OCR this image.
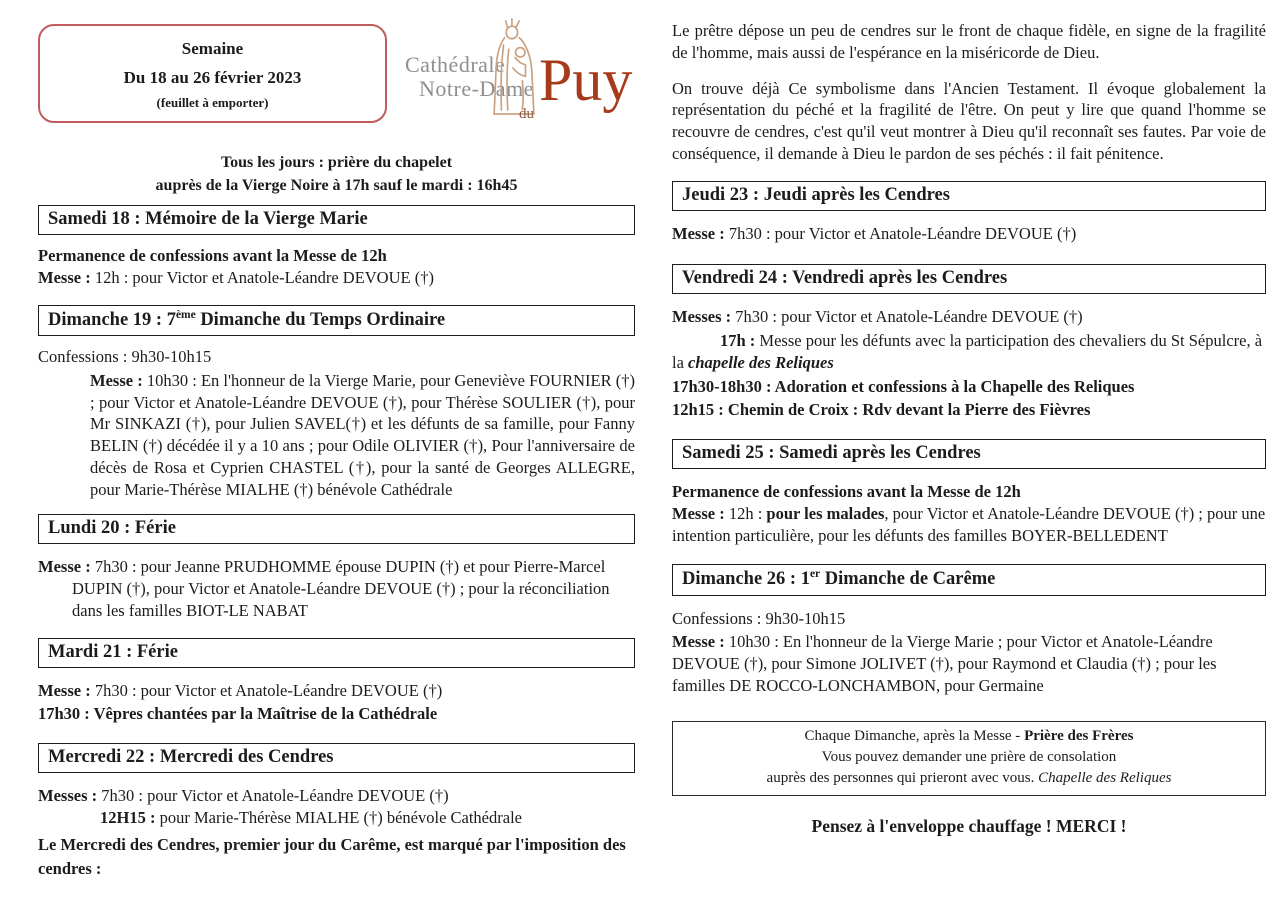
Semaine
Du 18 au 26 février 2023
(feuillet à emporter)
Cathédrale
Notre-Dame
du
Puy
Tous les jours : prière du chapelet
auprès de la Vierge Noire à 17h sauf le mardi : 16h45
Samedi 18 : Mémoire de la Vierge Marie

Permanence de confessions avant la Messe de 12h

Messe : 12h : pour Victor et Anatole-Léandre DEVOUE (†)

Dimanche 19 : 7ème Dimanche du Temps Ordinaire

Confessions : 9h30-10h15

Messe : 10h30 : En l'honneur de la Vierge Marie, pour Geneviève FOURNIER (†) ; pour Victor et Anatole-Léandre DEVOUE (†), pour Thérèse SOULIER (†), pour Mr SINKAZI (†), pour Julien SAVEL(†) et les défunts de sa famille, pour Fanny BELIN (†) décédée il y a 10 ans ; pour Odile OLIVIER (†), Pour l'anniversaire de décès de Rosa et Cyprien CHASTEL (†), pour la santé de Georges ALLEGRE, pour Marie-Thérèse MIALHE (†) bénévole Cathédrale

Lundi 20 : Férie

Messe : 7h30 : pour Jeanne PRUDHOMME épouse DUPIN (†) et pour Pierre-Marcel DUPIN (†), pour Victor et Anatole-Léandre DEVOUE (†) ; pour la réconciliation dans les familles BIOT-LE NABAT

Mardi 21 : Férie

Messe : 7h30 : pour Victor et Anatole-Léandre DEVOUE (†)

17h30 : Vêpres chantées par la Maîtrise de la Cathédrale

Mercredi 22 : Mercredi des Cendres

Messes : 7h30 : pour Victor et Anatole-Léandre DEVOUE (†)

12H15 : pour Marie-Thérèse MIALHE (†) bénévole Cathédrale

Le Mercredi des Cendres, premier jour du Carême, est marqué par l'imposition des cendres :

Le prêtre dépose un peu de cendres sur le front de chaque fidèle, en signe de la fragilité de l'homme, mais aussi de l'espérance en la miséricorde de Dieu.

On trouve déjà Ce symbolisme dans l'Ancien Testament. Il évoque globalement la représentation du péché et la fragilité de l'être. On peut y lire que quand l'homme se recouvre de cendres, c'est qu'il veut montrer à Dieu qu'il reconnaît ses fautes. Par voie de conséquence, il demande à Dieu le pardon de ses péchés : il fait pénitence.

Jeudi 23 : Jeudi après les Cendres

Messe : 7h30 : pour Victor et Anatole-Léandre DEVOUE (†)

Vendredi 24 : Vendredi après les Cendres

Messes : 7h30 : pour Victor et Anatole-Léandre DEVOUE (†)

17h : Messe pour les défunts avec la participation des chevaliers du St Sépulcre, à la chapelle des Reliques

17h30-18h30 : Adoration et confessions à la Chapelle des Reliques

12h15 : Chemin de Croix : Rdv devant la Pierre des Fièvres

Samedi 25 : Samedi après les Cendres

Permanence de confessions avant la Messe de 12h

Messe : 12h : pour les malades, pour Victor et Anatole-Léandre DEVOUE (†) ; pour une intention particulière, pour les défunts des familles BOYER-BELLEDENT

Dimanche 26 : 1er Dimanche de Carême

Confessions : 9h30-10h15

Messe : 10h30 : En l'honneur de la Vierge Marie ; pour Victor et Anatole-Léandre DEVOUE (†), pour Simone JOLIVET (†), pour Raymond et Claudia (†) ; pour les familles DE ROCCO-LONCHAMBON, pour Germaine

Chaque Dimanche, après la Messe - Prière des Frères
Vous pouvez demander une prière de consolation
auprès des personnes qui prieront avec vous. Chapelle des Reliques

Pensez à l'enveloppe chauffage ! MERCI !
